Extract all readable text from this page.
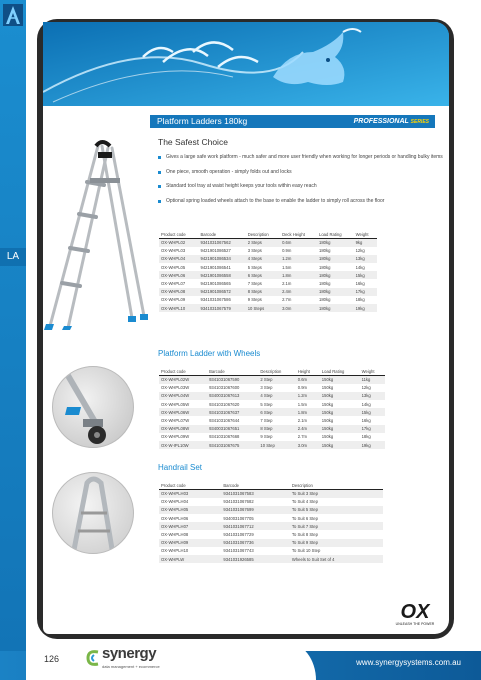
LA
Platform Ladders 180kg	PROFESSIONAL SERIES
The Safest Choice
Gives a large safe work platform - much safer and more user friendly when working for longer periods or handling bulky items
One piece, smooth operation - simply folds out and locks
Standard tool tray at waist height keeps your tools within easy reach
Optional spring loaded wheels attach to the base to enable the ladder to simply roll across the floor
Product code	Barcode	Description	Deck Height	Load Rating	Weight
OX-WHPL02	9341031067562	2 Steps	0.6m	180kg	9kg
OX-WHPL03	9421901086527	3 Steps	0.9m	180kg	12kg
OX-WHPL04	9421901086534	4 Steps	1.2m	180kg	13kg
OX-WHPL05	9421901086541	5 Steps	1.5m	180kg	14kg
OX-WHPL06	9421901086558	6 Steps	1.8m	180kg	15kg
OX-WHPL07	9421901086565	7 Steps	2.1m	180kg	16kg
OX-WHPL08	9421901086572	8 Steps	2.4m	180kg	17kg
OX-WHPL09	9341031067586	9 Steps	2.7m	180kg	18kg
OX-WHPL10	9341031067579	10 Steps	3.0m	180kg	19kg
Platform Ladder with Wheels
Product code	Barcode	Description	Height	Load Rating	Weight
OX-WHPL02W	9341031067590	2 Step	0.6m	150kg	11kg
OX-WHPL03W	9341031067600	3 Step	0.9m	150kg	12kg
OX-WHPL04W	9340031067613	4 Step	1.2m	150kg	13kg
OX-WHPL05W	9341031067620	5 Step	1.5m	150kg	14kg
OX-WHPL06W	9341031067637	6 Step	1.8m	150kg	15kg
OX-WHPL07W	9341031067644	7 Step	2.1m	150kg	16kg
OX-WHPL08W	9340031067651	8 Step	2.4m	150kg	17kg
OX-WHPL09W	9341031067668	9 Step	2.7m	150kg	18kg
OX-W-IPL10W	9341031067675	10 Step	3.0m	150kg	19kg
Handrail Set
Product code	Barcode	Description
OX-WHPLH03	9341031067583	To Suit 3 Step
OX-WHPLH04	9341031067682	To Suit 4 Step
OX-WHPLH05	9341031067699	To Suit 5 Step
OX-WHPLH06	9340031067705	To Suit 6 Step
OX-WHPLH07	9341031067712	To Suit 7 Step
OX-WHPLH08	9341031067729	To Suit 8 Step
OX-WHPLH09	9341031067736	To Suit 9 Step
OX-WHPLH10	9341031067743	To Suit 10 Step
OX-WHPLW	9341031926585	Wheels to Suit Set of 4
OX
UNLEASH THE POWER
126	synergy
data management + ecommerce	www.synergysystems.com.au
